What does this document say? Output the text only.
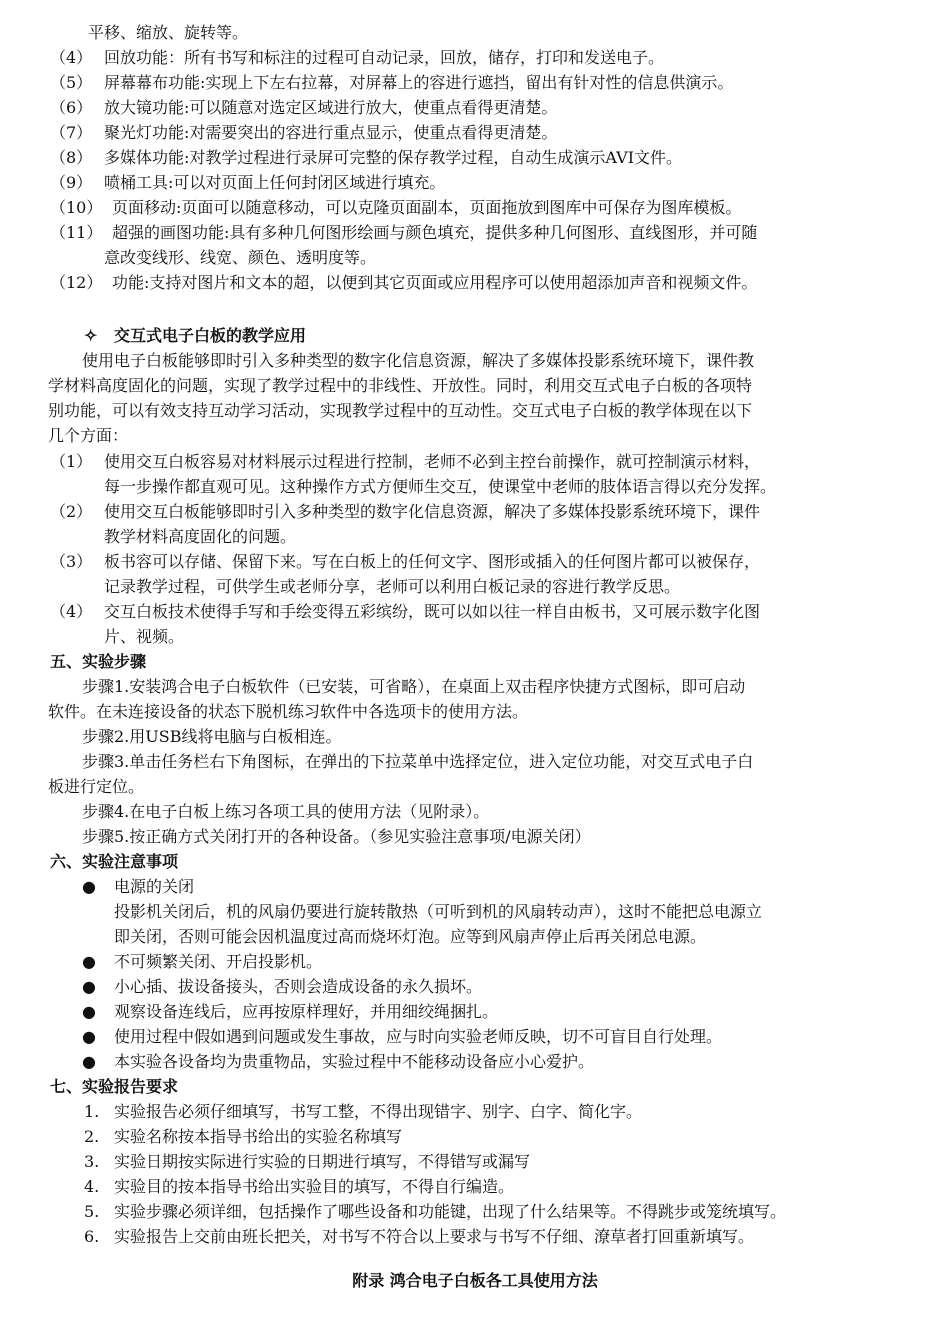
平移、缩放、旋转等。
（4） 回放功能：所有书写和标注的过程可自动记录，回放，储存，打印和发送电子。
（5） 屏幕幕布功能:实现上下左右拉幕，对屏幕上的容进行遮挡，留出有针对性的信息供演示。
（6） 放大镜功能:可以随意对选定区域进行放大，使重点看得更清楚。
（7） 聚光灯功能:对需要突出的容进行重点显示，使重点看得更清楚。
（8） 多媒体功能:对教学过程进行录屏可完整的保存教学过程，自动生成演示AVI文件。
（9） 喷桶工具:可以对页面上任何封闭区域进行填充。
（10） 页面移动:页面可以随意移动，可以克隆页面副本，页面拖放到图库中可保存为图库模板。
（11） 超强的画图功能:具有多种几何图形绘画与颜色填充，提供多种几何图形、直线图形，并可随
意改变线形、线宽、颜色、透明度等。
（12） 功能:支持对图片和文本的超，以便到其它页面或应用程序可以使用超添加声音和视频文件。
✧ 交互式电子白板的教学应用
使用电子白板能够即时引入多种类型的数字化信息资源，解决了多媒体投影系统环境下，课件教
学材料高度固化的问题，实现了教学过程中的非线性、开放性。同时，利用交互式电子白板的各项特
别功能，可以有效支持互动学习活动，实现教学过程中的互动性。交互式电子白板的教学体现在以下
几个方面：
（1） 使用交互白板容易对材料展示过程进行控制，老师不必到主控台前操作，就可控制演示材料，
每一步操作都直观可见。这种操作方式方便师生交互，使课堂中老师的肢体语言得以充分发挥。
（2） 使用交互白板能够即时引入多种类型的数字化信息资源，解决了多媒体投影系统环境下，课件
教学材料高度固化的问题。
（3） 板书容可以存储、保留下来。写在白板上的任何文字、图形或插入的任何图片都可以被保存，
记录教学过程，可供学生或老师分享，老师可以利用白板记录的容进行教学反思。
（4） 交互白板技术使得手写和手绘变得五彩缤纷，既可以如以往一样自由板书，又可展示数字化图
片、视频。
五、实验步骤
步骤1.安装鸿合电子白板软件（已安装，可省略），在桌面上双击程序快捷方式图标，即可启动
软件。在未连接设备的状态下脱机练习软件中各选项卡的使用方法。
步骤2.用USB线将电脑与白板相连。
步骤3.单击任务栏右下角图标，在弹出的下拉菜单中选择定位，进入定位功能，对交互式电子白
板进行定位。
步骤4.在电子白板上练习各项工具的使用方法（见附录）。
步骤5.按正确方式关闭打开的各种设备。（参见实验注意事项/电源关闭）
六、实验注意事项
● 电源的关闭
投影机关闭后，机的风扇仍要进行旋转散热（可听到机的风扇转动声），这时不能把总电源立
即关闭，否则可能会因机温度过高而烧坏灯泡。应等到风扇声停止后再关闭总电源。
● 不可频繁关闭、开启投影机。
● 小心插、拔设备接头，否则会造成设备的永久损坏。
● 观察设备连线后，应再按原样理好，并用细绞绳捆扎。
● 使用过程中假如遇到问题或发生事故，应与时向实验老师反映，切不可盲目自行处理。
● 本实验各设备均为贵重物品，实验过程中不能移动设备应小心爱护。
七、实验报告要求
1. 实验报告必须仔细填写，书写工整，不得出现错字、别字、白字、简化字。
2. 实验名称按本指导书给出的实验名称填写
3. 实验日期按实际进行实验的日期进行填写，不得错写或漏写
4. 实验目的按本指导书给出实验目的填写，不得自行编造。
5. 实验步骤必须详细，包括操作了哪些设备和功能键，出现了什么结果等。不得跳步或笼统填写。
6. 实验报告上交前由班长把关，对书写不符合以上要求与书写不仔细、潦草者打回重新填写。
附录 鸿合电子白板各工具使用方法
